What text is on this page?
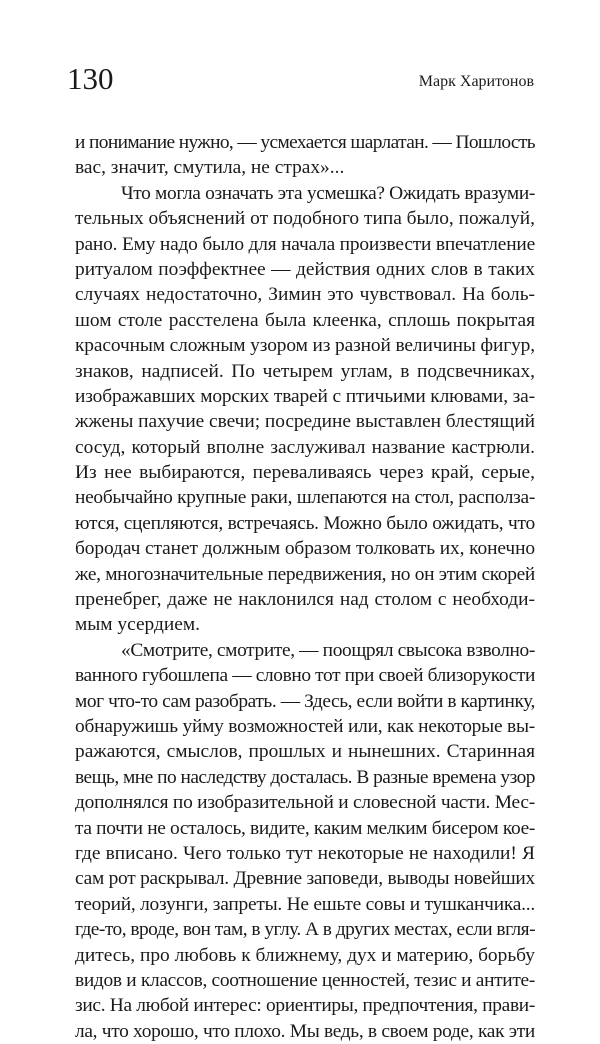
130	Марк Харитонов
и понимание нужно, — усмехается шарлатан. — Пошлость
вас, значит, смутила, не страх»...
Что могла означать эта усмешка? Ожидать вразуми-
тельных объяснений от подобного типа было, пожалуй,
рано. Ему надо было для начала произвести впечатление
ритуалом поэффектнее — действия одних слов в таких
случаях недостаточно, Зимин это чувствовал. На боль-
шом столе расстелена была клеенка, сплошь покрытая
красочным сложным узором из разной величины фигур,
знаков, надписей. По четырем углам, в подсвечниках,
изображавших морских тварей с птичьими клювами, за-
жжены пахучие свечи; посредине выставлен блестящий
сосуд, который вполне заслуживал название кастрюли.
Из нее выбираются, переваливаясь через край, серые,
необычайно крупные раки, шлепаются на стол, располза-
ются, сцепляются, встречаясь. Можно было ожидать, что
бородач станет должным образом толковать их, конечно
же, многозначительные передвижения, но он этим скорей
пренебрег, даже не наклонился над столом с необходи-
мым усердием.
«Смотрите, смотрите, — поощрял свысока взволно-
ванного губошлепа — словно тот при своей близорукости
мог что-то сам разобрать. — Здесь, если войти в картинку,
обнаружишь уйму возможностей или, как некоторые вы-
ражаются, смыслов, прошлых и нынешних. Старинная
вещь, мне по наследству досталась. В разные времена узор
дополнялся по изобразительной и словесной части. Мес-
та почти не осталось, видите, каким мелким бисером кое-
где вписано. Чего только тут некоторые не находили! Я
сам рот раскрывал. Древние заповеди, выводы новейших
теорий, лозунги, запреты. Не ешьте совы и тушканчика...
где-то, вроде, вон там, в углу. А в других местах, если вгля-
дитесь, про любовь к ближнему, дух и материю, борьбу
видов и классов, соотношение ценностей, тезис и антите-
зис. На любой интерес: ориентиры, предпочтения, прави-
ла, что хорошо, что плохо. Мы ведь, в своем роде, как эти
